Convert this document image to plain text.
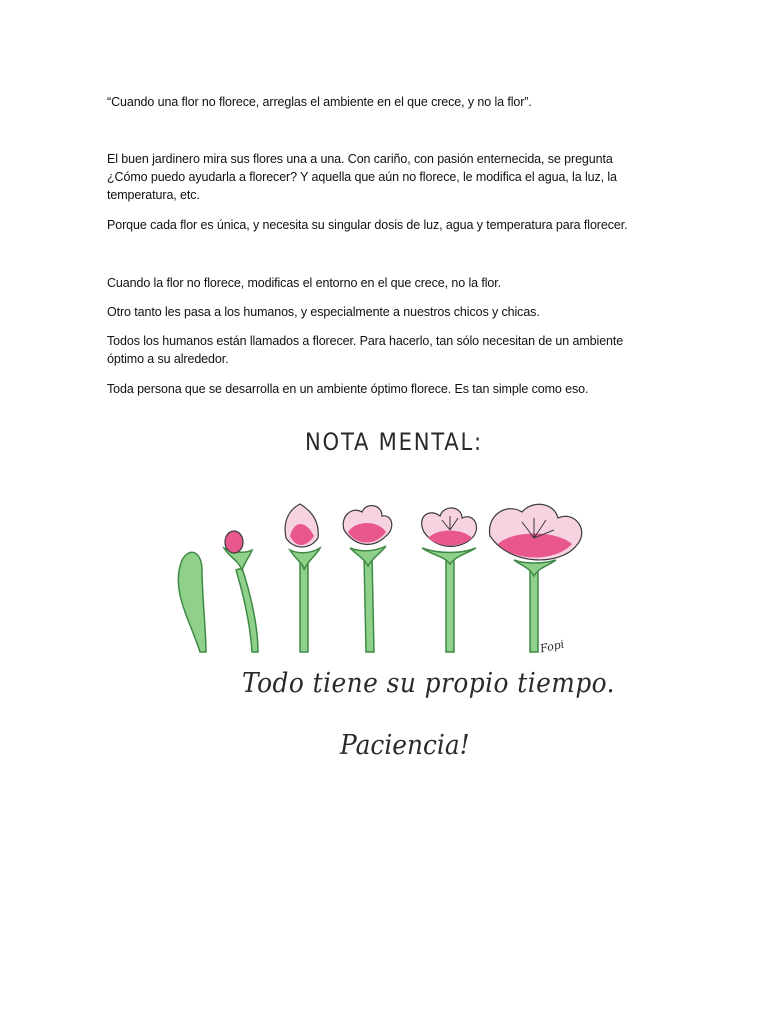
“Cuando una flor no florece, arreglas el ambiente en el que crece, y no la flor”.

El buen jardinero mira sus flores una a una. Con cariño, con pasión enternecida, se pregunta ¿Cómo puedo ayudarla a florecer? Y aquella que aún no florece, le modifica el agua, la luz, la temperatura, etc.

Porque cada flor es única, y necesita su singular dosis de luz, agua y temperatura para florecer.

Cuando la flor no florece, modificas el entorno en el que crece, no la flor.

Otro tanto les pasa a los humanos, y especialmente a nuestros chicos y chicas.

Todos los humanos están llamados a florecer. Para hacerlo, tan sólo necesitan de un ambiente óptimo a su alrededor.

Toda persona que se desarrolla en un ambiente óptimo florece. Es tan simple como eso.

NOTA MENTAL:
Fopi
Todo tiene su propio tiempo.
Paciencia!
